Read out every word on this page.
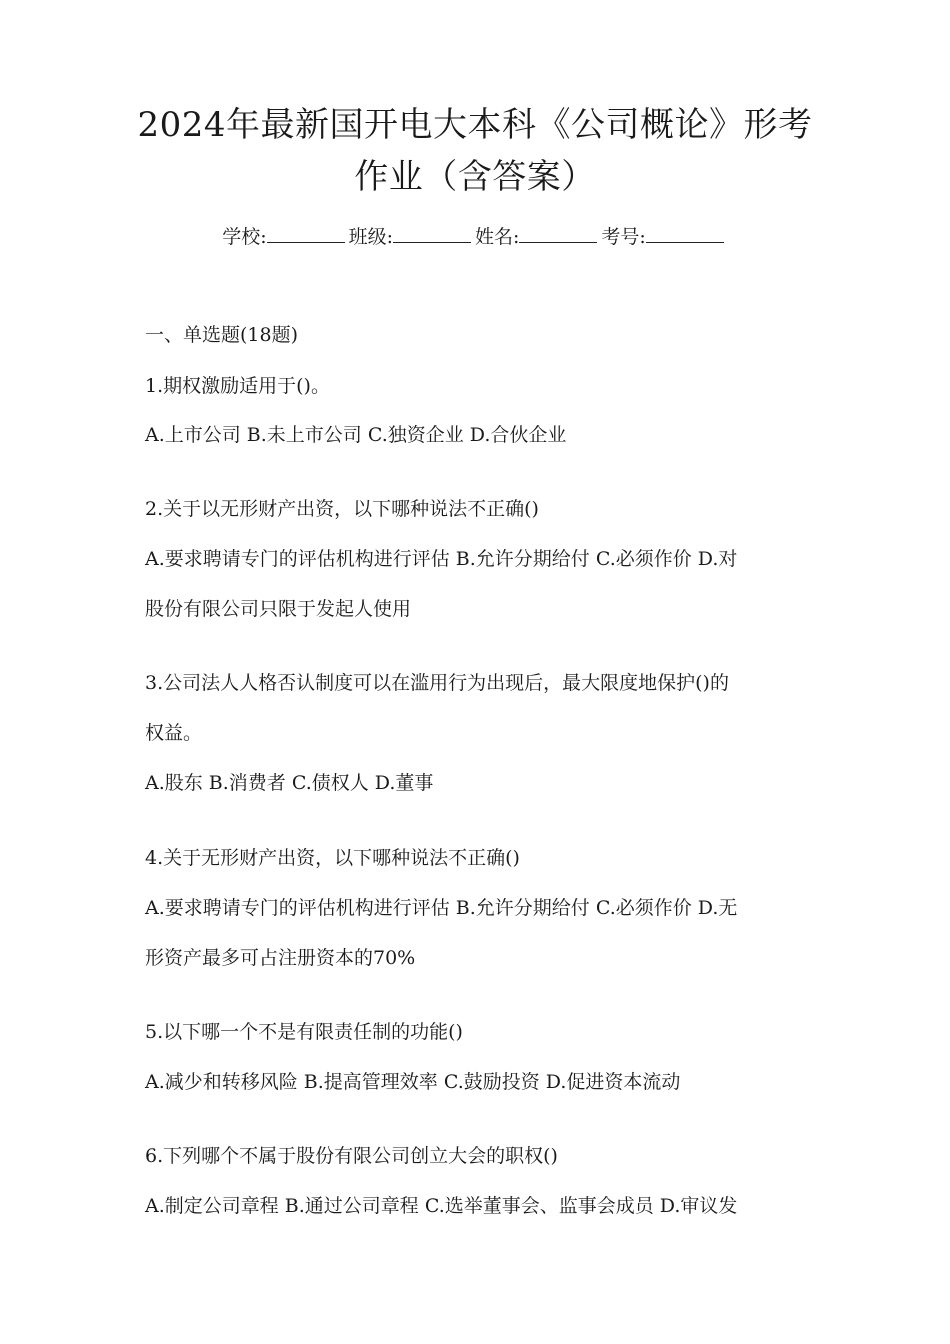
2024年最新国开电大本科《公司概论》形考
作业（含答案）
学校:	班级:	姓名:	考号:
一、单选题(18题)
1.期权激励适用于()。
A.上市公司 B.未上市公司 C.独资企业 D.合伙企业
2.关于以无形财产出资，以下哪种说法不正确()
A.要求聘请专门的评估机构进行评估 B.允许分期给付 C.必须作价 D.对
股份有限公司只限于发起人使用
3.公司法人人格否认制度可以在滥用行为出现后，最大限度地保护()的
权益。
A.股东 B.消费者 C.债权人 D.董事
4.关于无形财产出资，以下哪种说法不正确()
A.要求聘请专门的评估机构进行评估 B.允许分期给付 C.必须作价 D.无
形资产最多可占注册资本的70%
5.以下哪一个不是有限责任制的功能()
A.减少和转移风险 B.提高管理效率 C.鼓励投资 D.促进资本流动
6.下列哪个不属于股份有限公司创立大会的职权()
A.制定公司章程 B.通过公司章程 C.选举董事会、监事会成员 D.审议发
